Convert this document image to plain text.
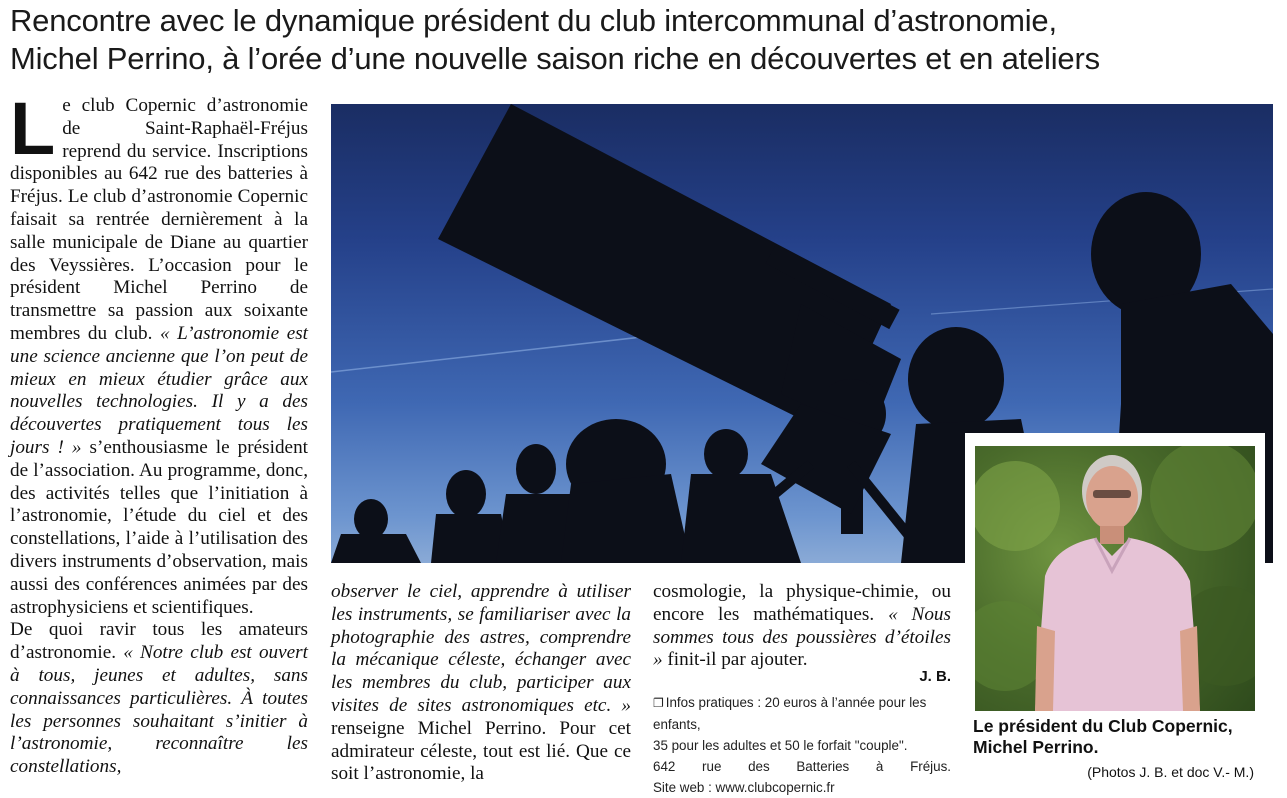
Rencontre avec le dynamique président du club intercommunal d’astronomie,
Michel Perrino, à l’orée d’une nouvelle saison riche en découvertes et en ateliers

Le club Copernic d’astronomie de Saint-Raphaël-Fréjus reprend du service. Inscriptions disponibles au 642 rue des batteries à Fréjus. Le club d’astronomie Copernic faisait sa rentrée dernièrement à la salle municipale de Diane au quartier des Veyssières. L’occasion pour le président Michel Perrino de transmettre sa passion aux soixante membres du club. « L’astronomie est une science ancienne que l’on peut de mieux en mieux étudier grâce aux nouvelles technologies. Il y a des découvertes pratiquement tous les jours ! » s’enthousiasme le président de l’association. Au programme, donc, des activités telles que l’initiation à l’astronomie, l’étude du ciel et des constellations, l’aide à l’utilisation des divers instruments d’observation, mais aussi des conférences animées par des astrophysiciens et scientifiques.

De quoi ravir tous les amateurs d’astronomie. « Notre club est ouvert à tous, jeunes et adultes, sans connaissances particulières. À toutes les personnes souhaitant s’initier à l’astronomie, reconnaître les constellations,

Le président du Club Copernic, Michel Perrino.
(Photos J. B. et doc V.- M.)

observer le ciel, apprendre à utiliser les instruments, se familiariser avec la photographie des astres, comprendre la mécanique céleste, échanger avec les membres du club, participer aux visites de sites astronomiques etc. » renseigne Michel Perrino. Pour cet admirateur céleste, tout est lié. Que ce soit l’astronomie, la

cosmologie, la physique-chimie, ou encore les mathématiques. « Nous sommes tous des poussières d’étoiles » finit-il par ajouter.

J. B.
❐ Infos pratiques : 20 euros à l’année pour les enfants,
35 pour les adultes et 50 le forfait "couple".
642 rue des Batteries à Fréjus.
Site web : www.clubcopernic.fr
